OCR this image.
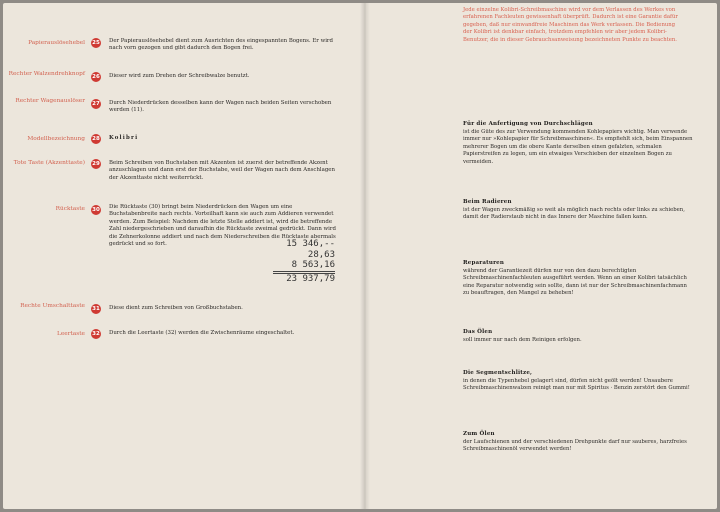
Papierauslösehebel 25 Der Papierauslösehebel dient zum Ausrichten des eingespannten Bogens. Er wird nach vorn gezogen und gibt dadurch den Bogen frei.
Rechter Walzendrehknopf 26 Dieser wird zum Drehen der Schreibwalze benutzt.
Rechter Wagenauslöser 27 Durch Niederdrücken desselben kann der Wagen nach beiden Seiten verschoben werden (11).
Modellbezeichnung 28 Kolibri
Tote Taste (Akzenttaste) 29 Beim Schreiben von Buchstaben mit Akzenten ist zuerst der betreffende Akzent anzuschlagen und dann erst der Buchstabe, weil der Wagen nach dem Anschlagen der Akzenttaste nicht weiterrückt.
Rücktaste 30 Die Rücktaste (30) bringt beim Niederdrücken den Wagen um eine Buchstabenbreite nach rechts. Vorteilhaft kann sie auch zum Addieren verwendet werden. Zum Beispiel: Nachdem die letzte Stelle addiert ist, wird die betreffende Zahl niedergeschrieben und daraufhin die Rücktaste zweimal gedrückt. Dann wird die Zehnerkolonne addiert und nach dem Niederschreiben die Rücktaste abermals gedrückt und so fort.	15 346,--
28,63
8 563,16
23 937,79
Rechte Umschalttaste 31 Diese dient zum Schreiben von Großbuchstaben.
Leertaste 32 Durch die Leertaste (32) werden die Zwischenräume eingeschaltet.
Jede einzelne Kolibri-Schreibmaschine wird vor dem Verlassen des Werkes von erfahrenen Fachleuten gewissenhaft überprüft. Dadurch ist eine Garantie dafür gegeben, daß nur einwandfreie Maschinen das Werk verlassen. Die Bedienung der Kolibri ist denkbar einfach, trotzdem empfehlen wir aber jedem Kolibri-Benutzer, die in dieser Gebrauchsanweisung bezeichneten Punkte zu beachten.
Für die Anfertigung von Durchschlägen
ist die Güte des zur Verwendung kommenden Kohlepapiers wichtig. Man verwende immer nur »Kohlepapier für Schreibmaschinen«. Es empfiehlt sich, beim Einspannen mehrerer Bogen um die obere Kante derselben einen gefalzten, schmalen Papierstreifen zu legen, um ein etwaiges Verschieben der einzelnen Bogen zu vermeiden.
Beim Radieren
ist der Wagen zweckmäßig so weit als möglich nach rechts oder links zu schieben, damit der Radierstaub nicht in das Innere der Maschine fallen kann.
Reparaturen
während der Garantiezeit dürfen nur von den dazu berechtigten Schreibmaschinenfachleuten ausgeführt werden. Wenn an einer Kolibri tatsächlich eine Reparatur notwendig sein sollte, dann ist nur der Schreibmaschinenfachmann zu beauftragen, den Mangel zu beheben!
Das Ölen
soll immer nur nach dem Reinigen erfolgen.
Die Segmentschlitze,
in denen die Typenhebel gelagert sind, dürfen nicht geölt werden! Unsaubere Schreibmaschinenwalzen reinigt man nur mit Spiritus · Benzin zerstört den Gummi!
Zum Ölen
der Laufschienen und der verschiedenen Drehpunkte darf nur sauberes, harzfreies Schreibmaschinenöl verwendet werden!
